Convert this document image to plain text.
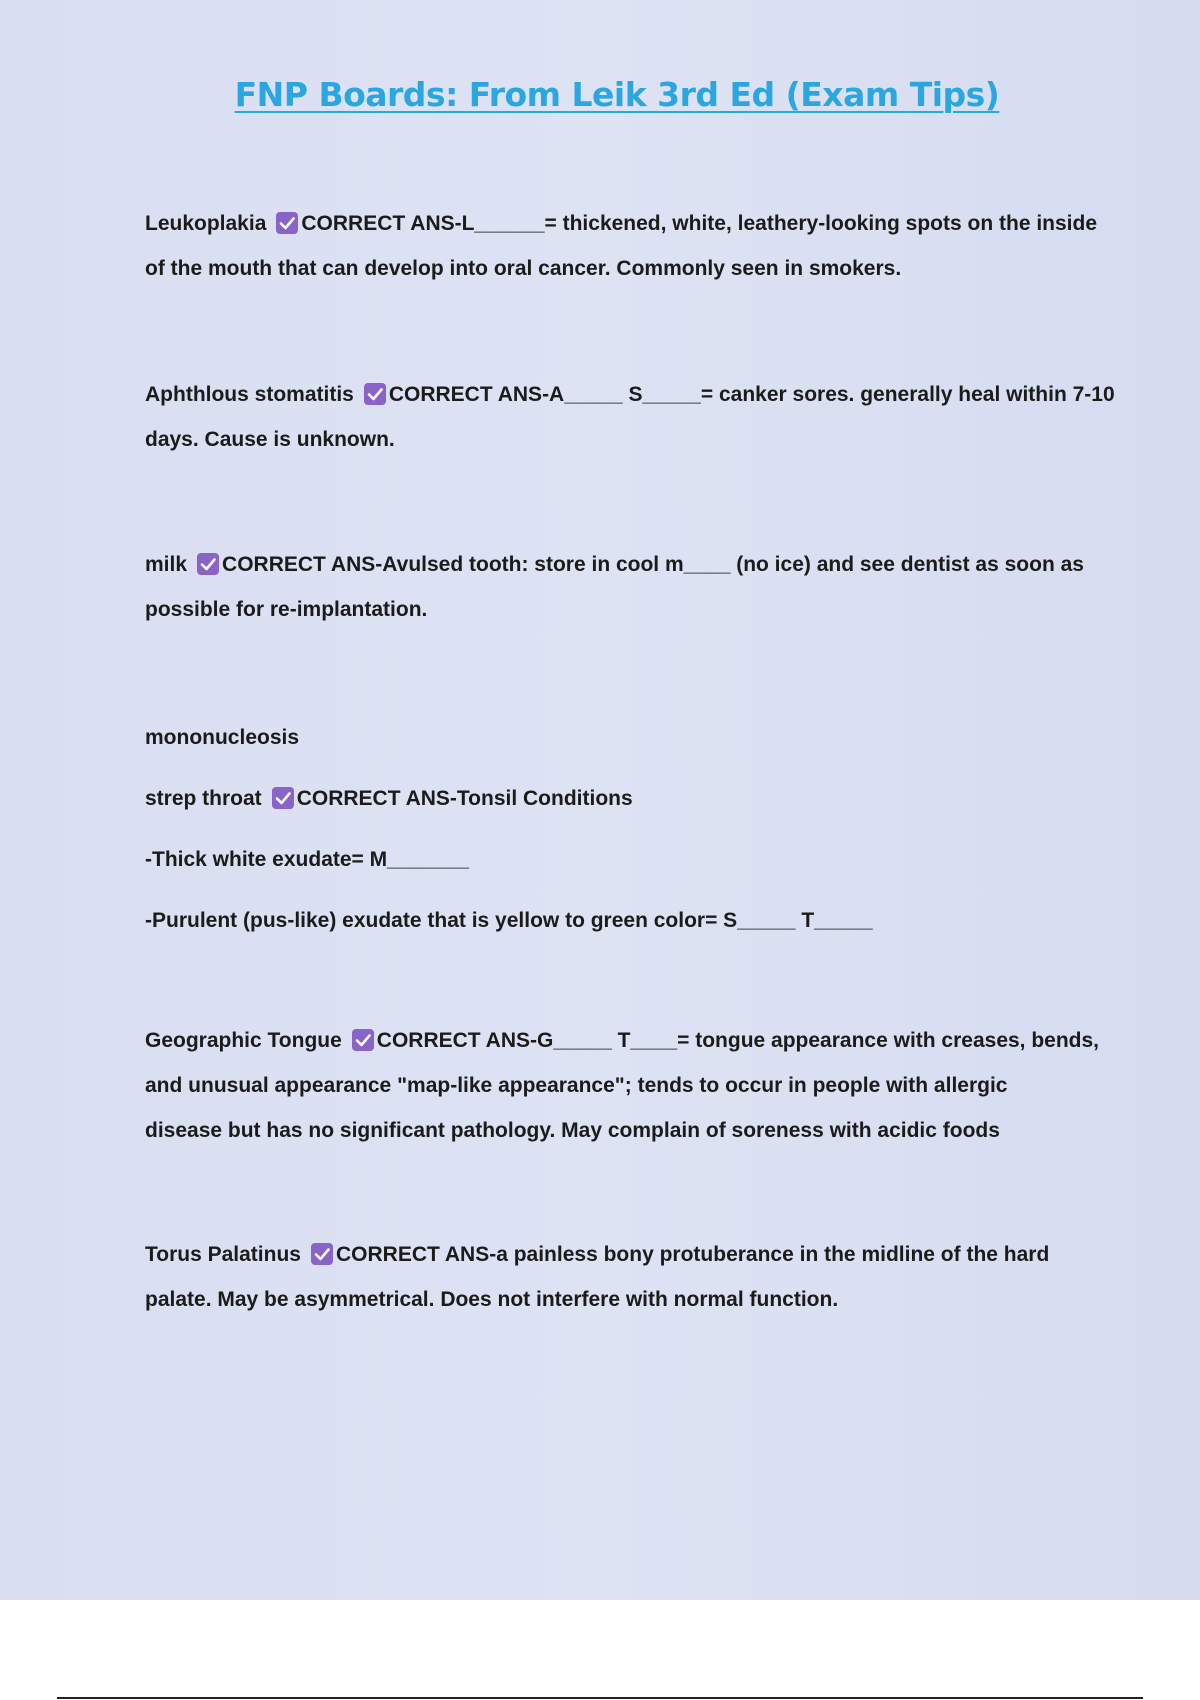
FNP Boards: From Leik 3rd Ed (Exam Tips)
Leukoplakia CORRECT ANS-L______= thickened, white, leathery-looking spots on the inside
of the mouth that can develop into oral cancer. Commonly seen in smokers.
Aphthlous stomatitis CORRECT ANS-A_____ S_____= canker sores. generally heal within 7-10
days. Cause is unknown.
milk CORRECT ANS-Avulsed tooth: store in cool m____ (no ice) and see dentist as soon as
possible for re-implantation.
mononucleosis
strep throat CORRECT ANS-Tonsil Conditions
-Thick white exudate= M_______
-Purulent (pus-like) exudate that is yellow to green color= S_____ T_____
Geographic Tongue CORRECT ANS-G_____ T____= tongue appearance with creases, bends,
and unusual appearance "map-like appearance"; tends to occur in people with allergic
disease but has no significant pathology. May complain of soreness with acidic foods
Torus Palatinus CORRECT ANS-a painless bony protuberance in the midline of the hard
palate. May be asymmetrical. Does not interfere with normal function.
